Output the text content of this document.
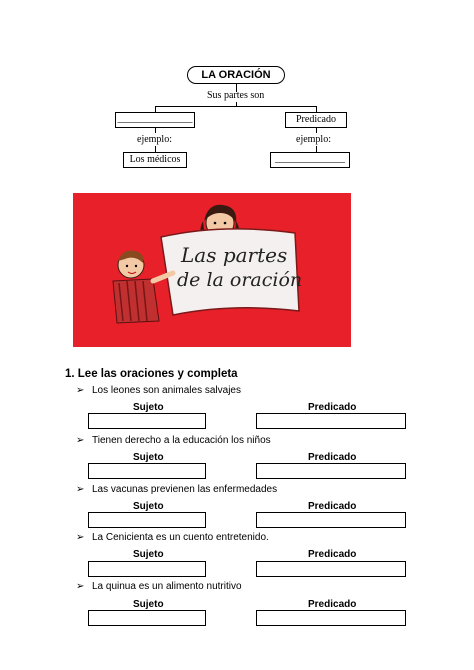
LA ORACIÓN
Sus partes son
_______________	Predicado
ejemplo:	ejemplo:
Los médicos	______________
Las partes
de la oración
1. Lee las oraciones y completa
➢ Los leones son animales salvajes
Sujeto	Predicado
➢ Tienen derecho a la educación los niños
Sujeto	Predicado
➢ Las vacunas previenen las enfermedades
Sujeto	Predicado
➢ La Cenicienta es un cuento entretenido.
Sujeto	Predicado
➢ La quinua es un alimento nutritivo
Sujeto	Predicado
